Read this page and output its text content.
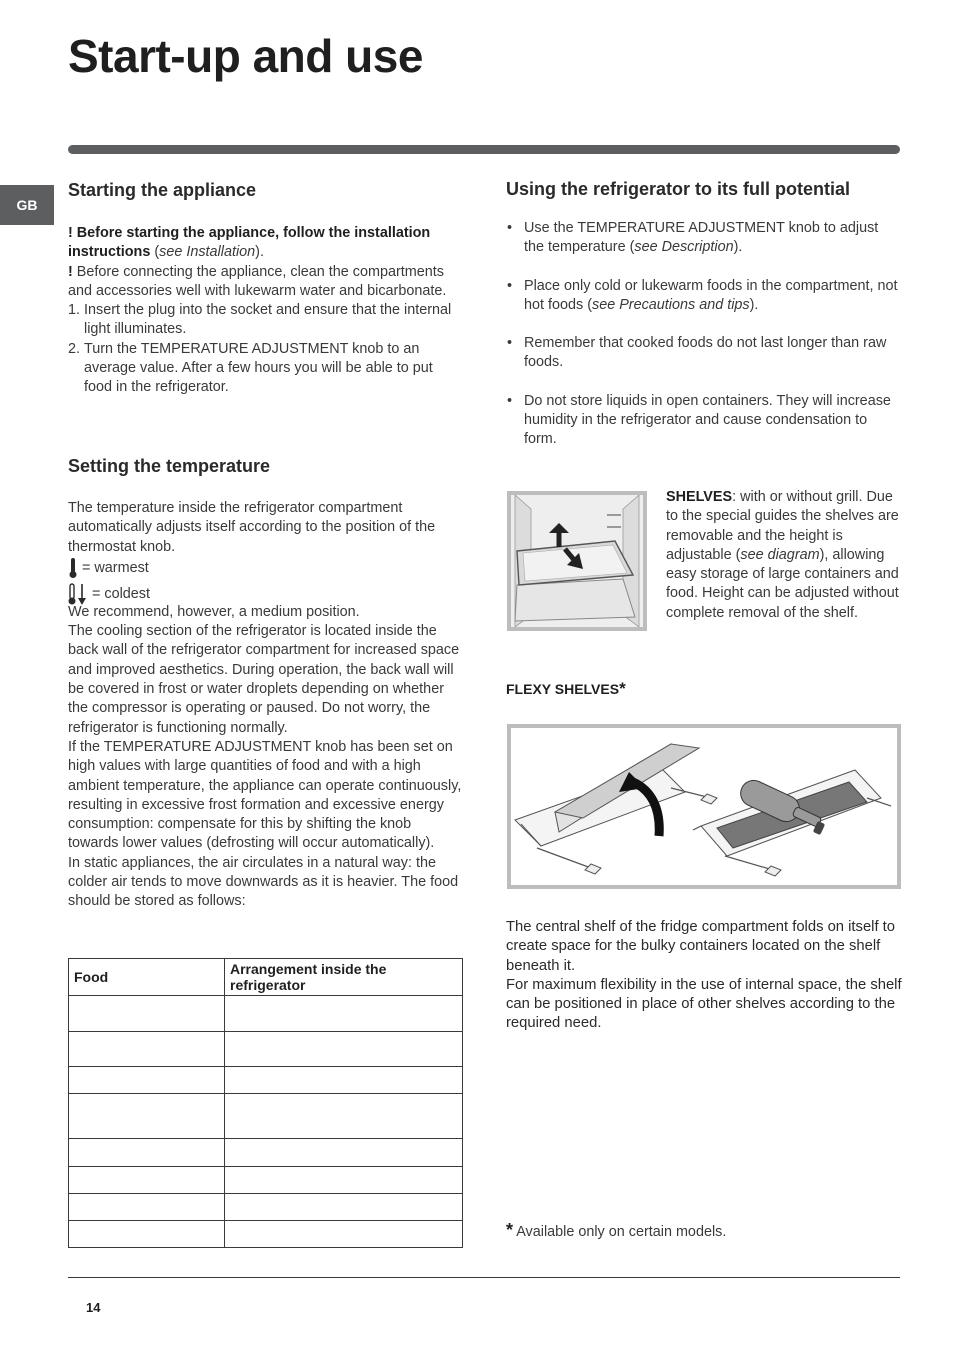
Start-up and use
GB
Starting the appliance

! Before starting the appliance, follow the installation instructions (see Installation).

! Before connecting the appliance, clean the compartments and accessories well with lukewarm water and bicarbonate.

1. Insert the plug into the socket and ensure that the internal light illuminates.
2. Turn the TEMPERATURE ADJUSTMENT knob to an average value. After a few hours you will be able to put food in the refrigerator.
Setting the temperature

The temperature inside the refrigerator compartment automatically adjusts itself according to the position of the thermostat knob.

= warmest
= coldest

We recommend, however, a medium position.

The cooling section of the refrigerator is located inside the back wall of the refrigerator compartment for increased space and improved aesthetics. During operation, the back wall will be covered in frost or water droplets depending on whether the compressor is operating or paused. Do not worry, the refrigerator is functioning normally.

If the TEMPERATURE ADJUSTMENT knob has been set on high values with large quantities of food and with a high ambient temperature, the appliance can operate continuously, resulting in excessive frost formation and excessive energy consumption: compensate for this by shifting the knob towards lower values (defrosting will occur automatically).

In static appliances, the air circulates in a natural way: the colder air tends to move downwards as it is heavier. The food should be stored as follows:

Food	Arrangement inside the refrigerator

Using the refrigerator to its full potential
• Use the TEMPERATURE ADJUSTMENT knob to adjust the temperature (see Description).
• Place only cold or lukewarm foods in the compartment, not hot foods (see Precautions and tips).
• Remember that cooked foods do not last longer than raw foods.
• Do not store liquids in open containers. They will increase humidity in the refrigerator and cause condensation to form.

SHELVES: with or without grill. Due to the special guides the shelves are removable and the height is adjustable (see diagram), allowing easy storage of large containers and food. Height can be adjusted without complete removal of the shelf.

FLEXY SHELVES*

The central shelf of the fridge compartment folds on itself to create space for the bulky containers located on the shelf beneath it.

For maximum flexibility in the use of internal space, the shelf can be positioned in place of other shelves according to the required need.

* Available only on certain models.
14
